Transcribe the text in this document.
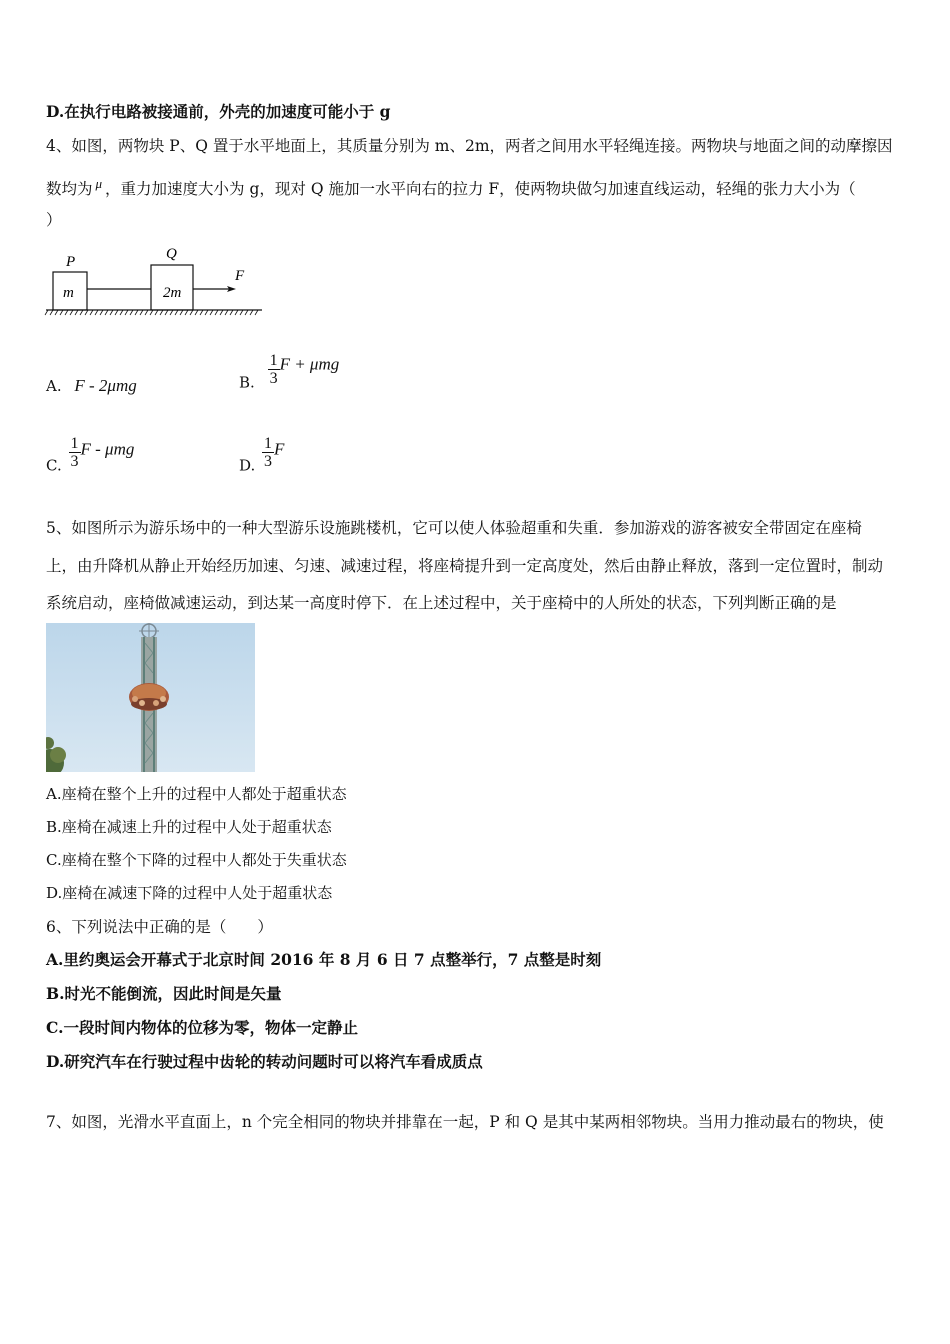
D.在执行电路被接通前，外壳的加速度可能小于 g
4、如图，两物块 P、Q 置于水平地面上，其质量分别为 m、2m，两者之间用水平轻绳连接。两物块与地面之间的动摩擦因
数均为 $^\mu$ ，重力加速度大小为 g，现对 Q 施加一水平向右的拉力 F，使两物块做匀加速直线运动，轻绳的张力大小为（
）
P
m
Q
2m
F
A. F - 2μmg	B. $\frac{1}{3}$ F + μmg
C. $\frac{1}{3}$ F - μmg
D. $\frac{1}{3}$ F
5、如图所示为游乐场中的一种大型游乐设施跳楼机，它可以使人体验超重和失重．参加游戏的游客被安全带固定在座椅
上，由升降机从静止开始经历加速、匀速、减速过程，将座椅提升到一定高度处，然后由静止释放，落到一定位置时，制动
系统启动，座椅做减速运动，到达某一高度时停下．在上述过程中，关于座椅中的人所处的状态，下列判断正确的是
A.座椅在整个上升的过程中人都处于超重状态
B.座椅在减速上升的过程中人处于超重状态
C.座椅在整个下降的过程中人都处于失重状态
D.座椅在减速下降的过程中人处于超重状态
6、下列说法中正确的是（　　）
A.里约奥运会开幕式于北京时间 2016 年 8 月 6 日 7 点整举行，7 点整是时刻
B.时光不能倒流，因此时间是矢量
C.一段时间内物体的位移为零，物体一定静止
D.研究汽车在行驶过程中齿轮的转动问题时可以将汽车看成质点
7、如图，光滑水平直面上，n 个完全相同的物块并排靠在一起，P 和 Q 是其中某两相邻物块。当用力推动最右的物块，使
